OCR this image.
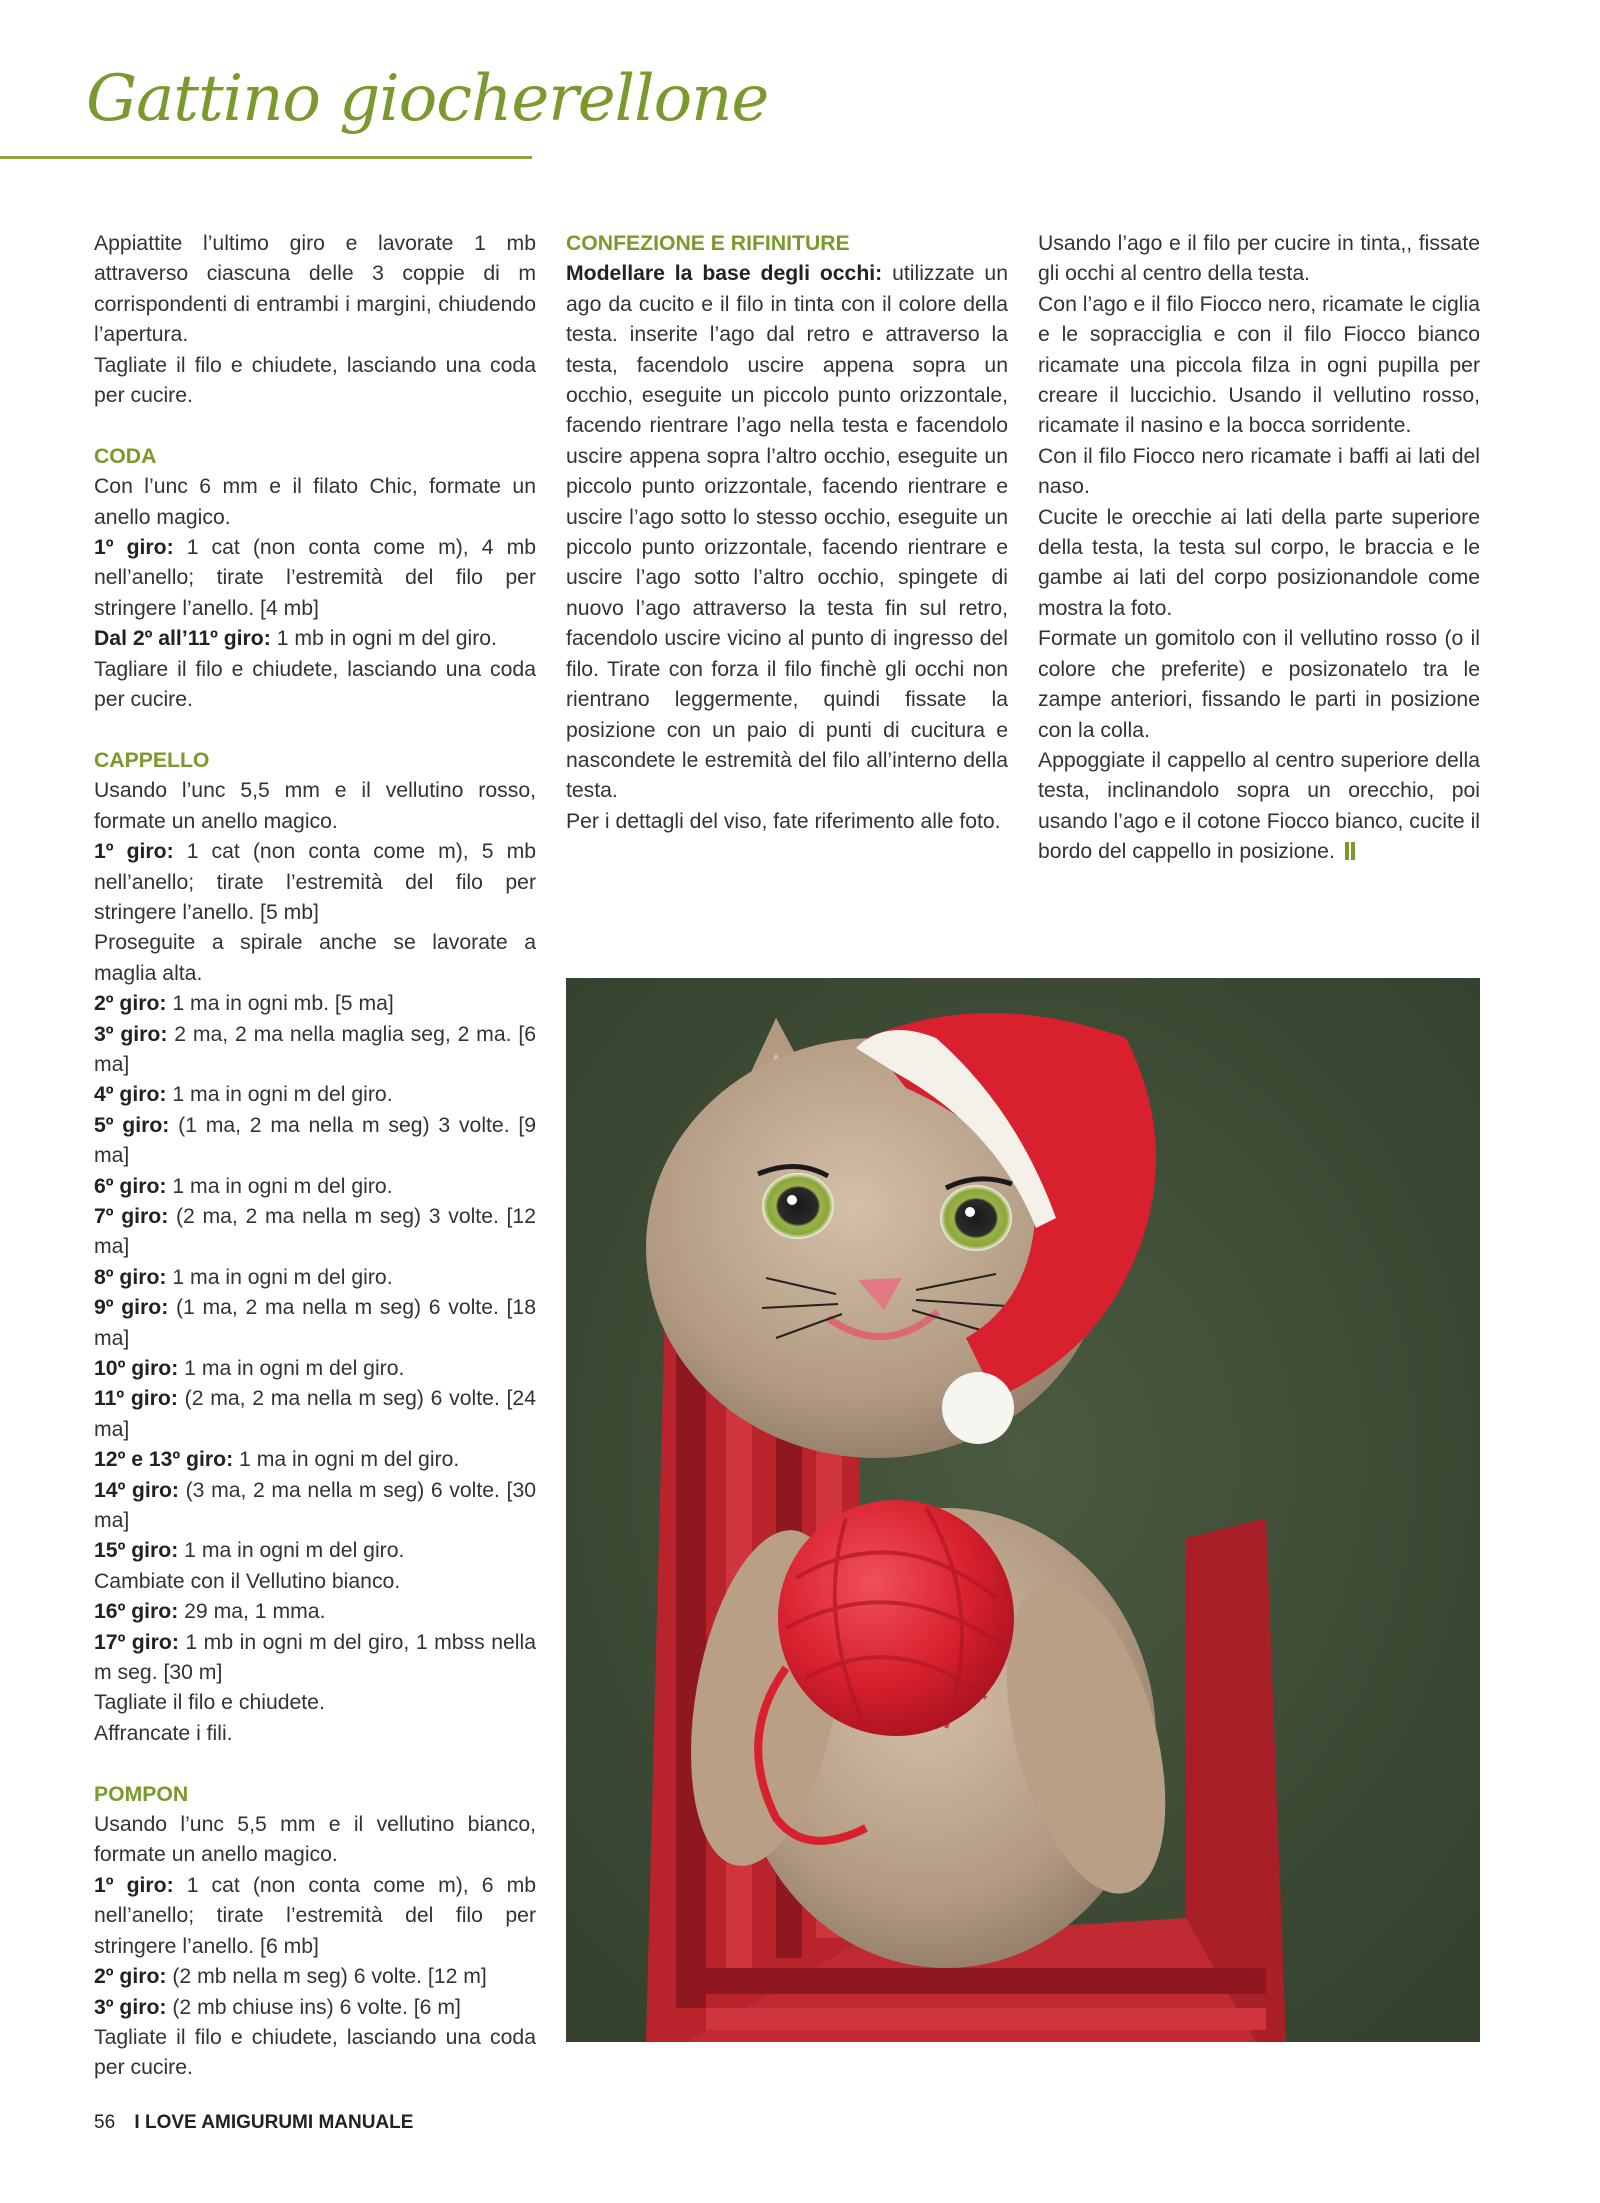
Gattino giocherellone

Appiattite l’ultimo giro e lavorate 1 mb attraverso ciascuna delle 3 coppie di m corrispondenti di entrambi i margini, chiudendo l’apertura.

Tagliate il filo e chiudete, lasciando una coda per cucire.

CODA

Con l’unc 6 mm e il filato Chic, formate un anello magico.

1º giro: 1 cat (non conta come m), 4 mb nell’anello; tirate l’estremità del filo per stringere l’anello. [4 mb]

Dal 2º all’11º giro: 1 mb in ogni m del giro.

Tagliare il filo e chiudete, lasciando una coda per cucire.

CAPPELLO

Usando l’unc 5,5 mm e il vellutino rosso, formate un anello magico.

1º giro: 1 cat (non conta come m), 5 mb nell’anello; tirate l’estremità del filo per stringere l’anello. [5 mb]

Proseguite a spirale anche se lavorate a maglia alta.

2º giro: 1 ma in ogni mb. [5 ma]

3º giro: 2 ma, 2 ma nella maglia seg, 2 ma. [6 ma]

4º giro: 1 ma in ogni m del giro.

5º giro: (1 ma, 2 ma nella m seg) 3 volte. [9 ma]

6º giro: 1 ma in ogni m del giro.

7º giro: (2 ma, 2 ma nella m seg) 3 volte. [12 ma]

8º giro: 1 ma in ogni m del giro.

9º giro: (1 ma, 2 ma nella m seg) 6 volte. [18 ma]

10º giro: 1 ma in ogni m del giro.

11º giro: (2 ma, 2 ma nella m seg) 6 volte. [24 ma]

12º e 13º giro: 1 ma in ogni m del giro.

14º giro: (3 ma, 2 ma nella m seg) 6 volte. [30 ma]

15º giro: 1 ma in ogni m del giro.

Cambiate con il Vellutino bianco.

16º giro: 29 ma, 1 mma.

17º giro: 1 mb in ogni m del giro, 1 mbss nella m seg. [30 m]

Tagliate il filo e chiudete.

Affrancate i fili.

POMPON

Usando l’unc 5,5 mm e il vellutino bianco, formate un anello magico.

1º giro: 1 cat (non conta come m), 6 mb nell’anello; tirate l’estremità del filo per stringere l’anello. [6 mb]

2º giro: (2 mb nella m seg) 6 volte. [12 m]

3º giro: (2 mb chiuse ins) 6 volte. [6 m]

Tagliate il filo e chiudete, lasciando una coda per cucire.

CONFEZIONE E RIFINITURE

Modellare la base degli occhi: utilizzate un ago da cucito e il filo in tinta con il colore della testa. inserite l’ago dal retro e attraverso la testa, facendolo uscire appena sopra un occhio, eseguite un piccolo punto orizzontale, facendo rientrare l’ago nella testa e facendolo uscire appena sopra l’altro occhio, eseguite un piccolo punto orizzontale, facendo rientrare e uscire l’ago sotto lo stesso occhio, eseguite un piccolo punto orizzontale, facendo rientrare e uscire l’ago sotto l’altro occhio, spingete di nuovo l’ago attraverso la testa fin sul retro, facendolo uscire vicino al punto di ingresso del filo. Tirate con forza il filo finchè gli occhi non rientrano leggermente, quindi fissate la posizione con un paio di punti di cucitura e nascondete le estremità del filo all’interno della testa.

Per i dettagli del viso, fate riferimento alle foto.

Usando l’ago e il filo per cucire in tinta,, fissate gli occhi al centro della testa.

Con l’ago e il filo Fiocco nero, ricamate le ciglia e le sopracciglia e con il filo Fiocco bianco ricamate una piccola filza in ogni pupilla per creare il luccichio. Usando il vellutino rosso, ricamate il nasino e la bocca sorridente.

Con il filo Fiocco nero ricamate i baffi ai lati del naso.

Cucite le orecchie ai lati della parte superiore della testa, la testa sul corpo, le braccia e le gambe ai lati del corpo posizionandole come mostra la foto.

Formate un gomitolo con il vellutino rosso (o il colore che preferite) e posizonatelo tra le zampe anteriori, fissando le parti in posizione con la colla.

Appoggiate il cappello al centro superiore della testa, inclinandolo sopra un orecchio, poi usando l’ago e il cotone Fiocco bianco, cucite il bordo del cappello in posizione.

56 I LOVE AMIGURUMI MANUALE
